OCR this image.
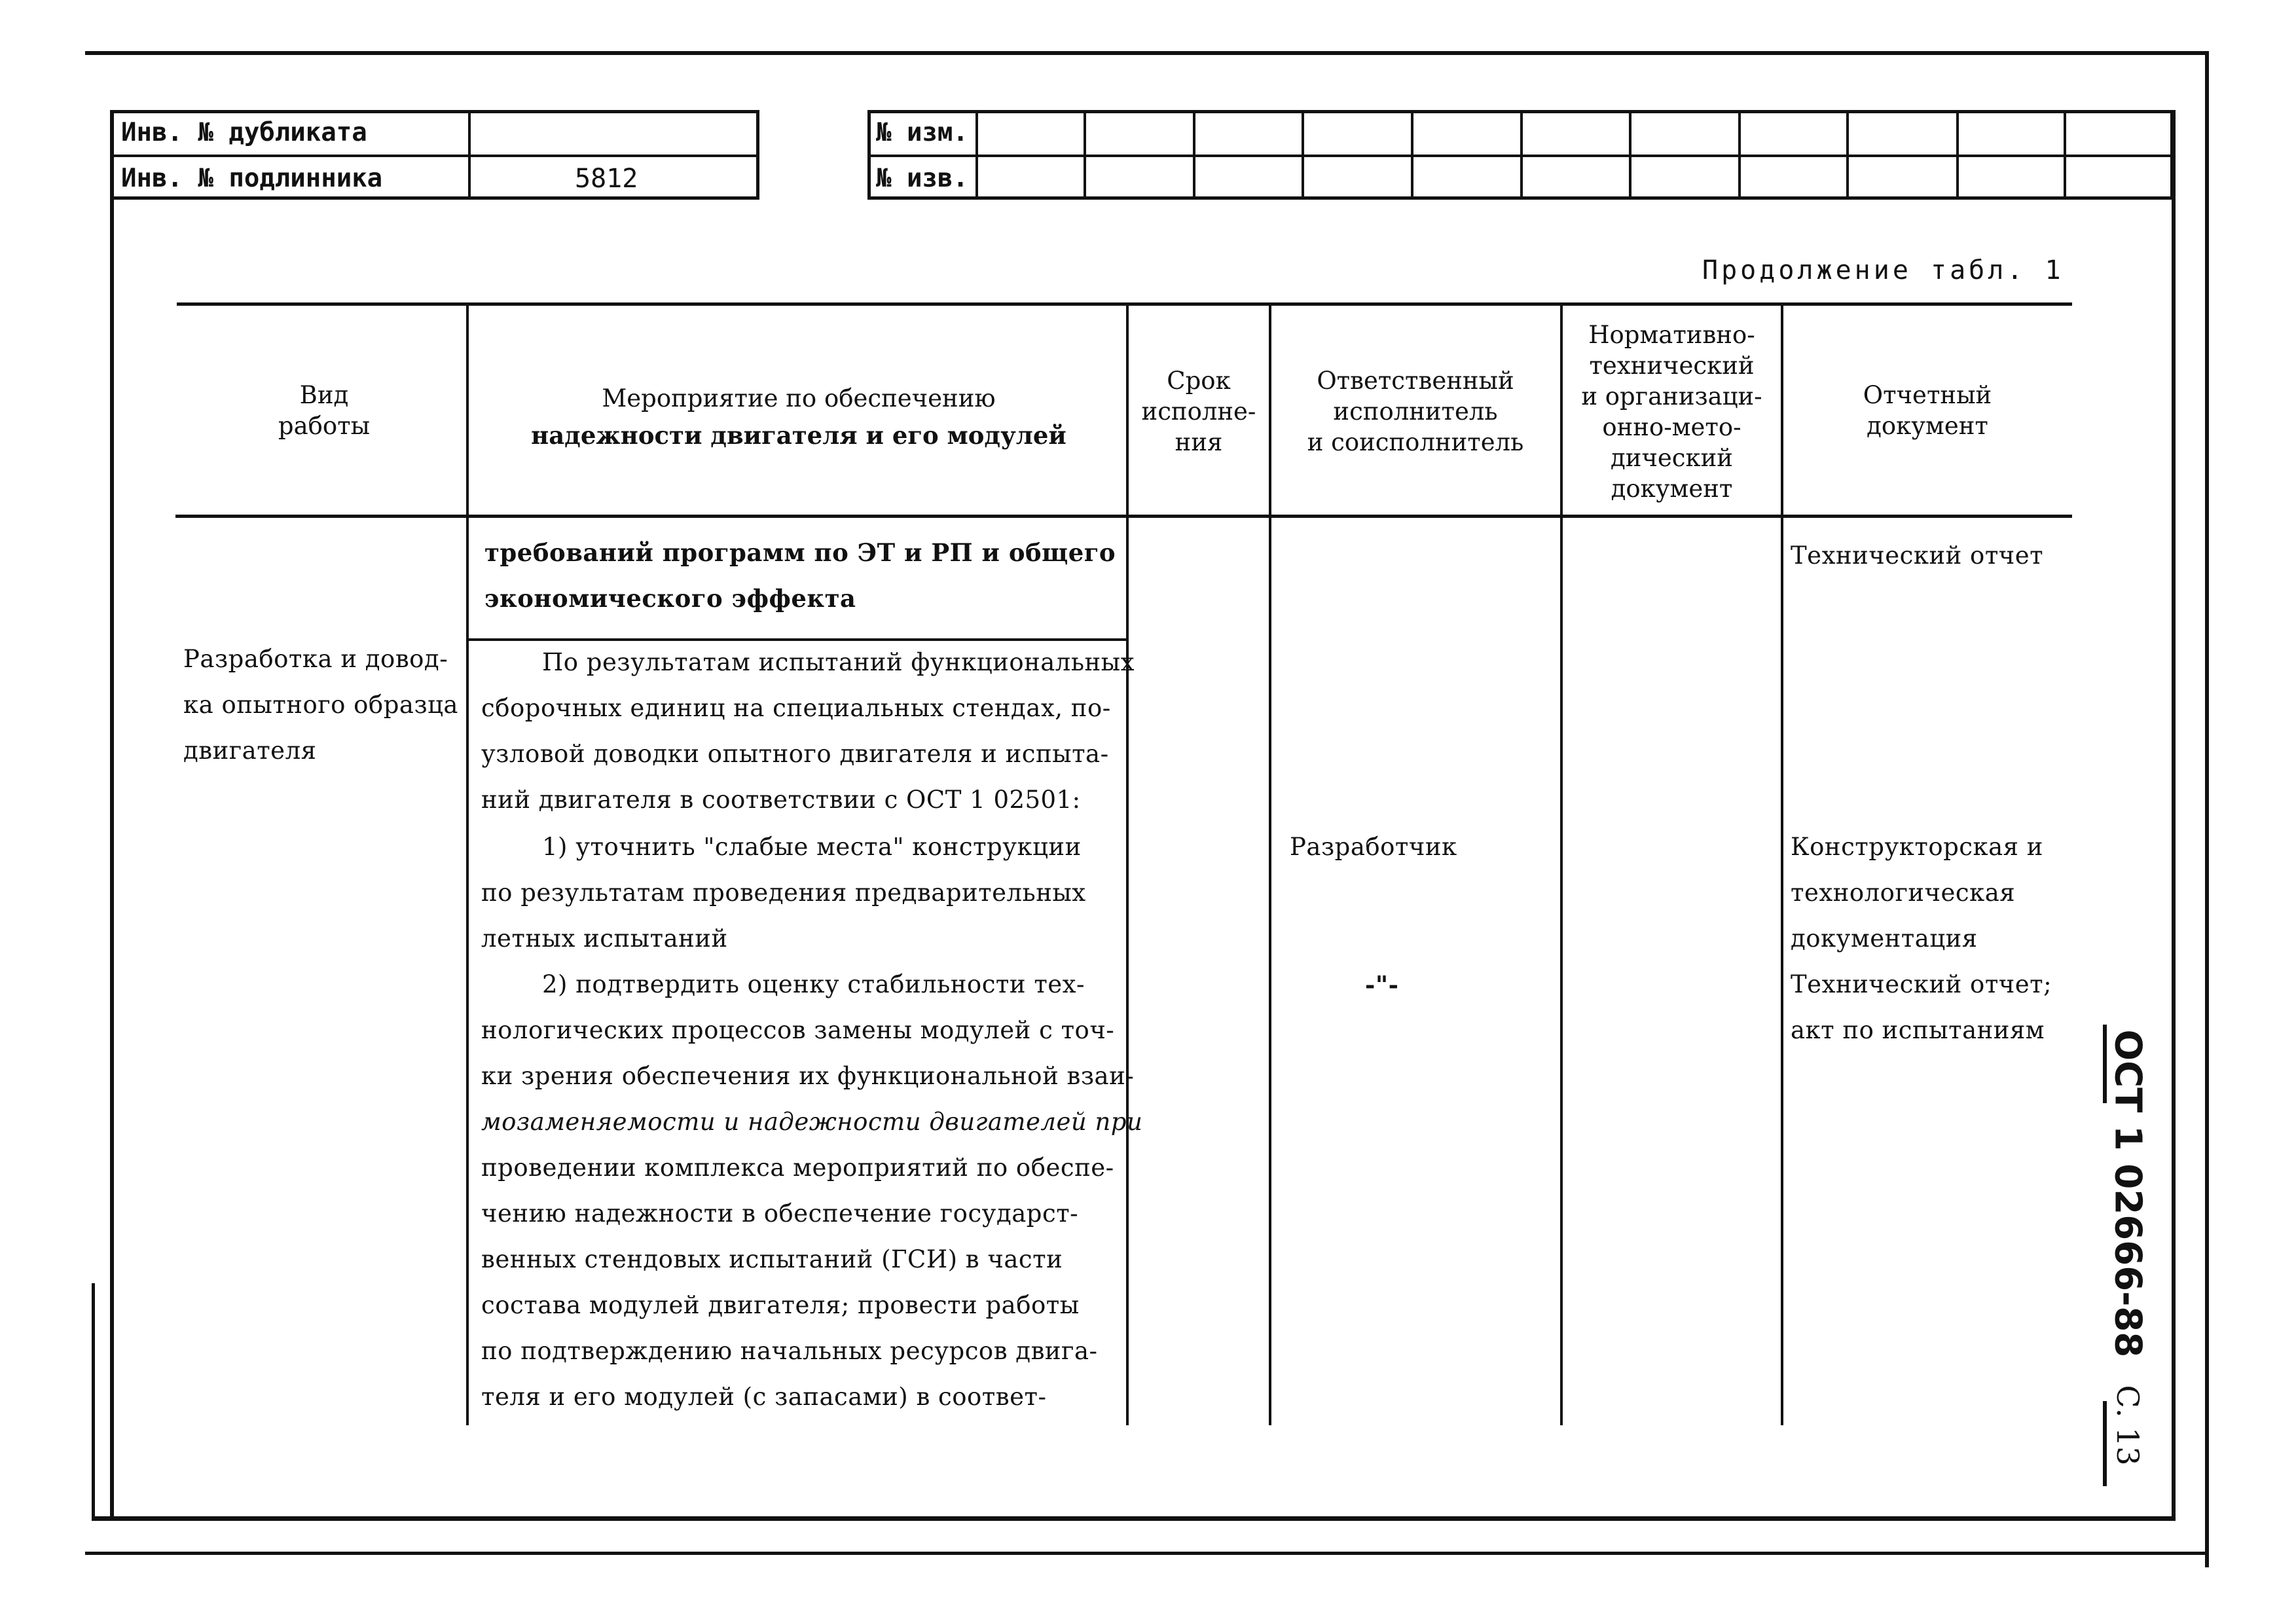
Инв. № дубликата
Инв. № подлинника	5812
№ изм.
№ изв.
Продолжение табл. 1
Вид
работы
Мероприятие по обеспечению
надежности двигателя и его модулей
Срок
исполне-
ния
Ответственный
исполнитель
и соисполнитель
Нормативно-
технический
и организаци-
онно-мето-
дический
документ
Отчетный
документ
требований программ по ЭТ и РП и общего
экономического эффекта
Технический отчет
Разработка и довод-
ка опытного образца
двигателя
По результатам испытаний функциональных
сборочных единиц на специальных стендах, по-
узловой доводки опытного двигателя и испыта-
ний двигателя в соответствии с ОСТ 1 02501:
1) уточнить "слабые места" конструкции
по результатам проведения предварительных
летных испытаний
2) подтвердить оценку стабильности тех-
нологических процессов замены модулей с точ-
ки зрения обеспечения их функциональной взаи-
мозаменяемости и надежности двигателей при
проведении комплекса мероприятий по обеспе-
чению надежности в обеспечение государст-
венных стендовых испытаний (ГСИ) в части
состава модулей двигателя; провести работы
по подтверждению начальных ресурсов двига-
теля и его модулей (с запасами) в соответ-
Разработчик
-"-
Конструкторская и
технологическая
документация
Технический отчет;
акт по испытаниям ОСТ 1 02666-88
С. 13
